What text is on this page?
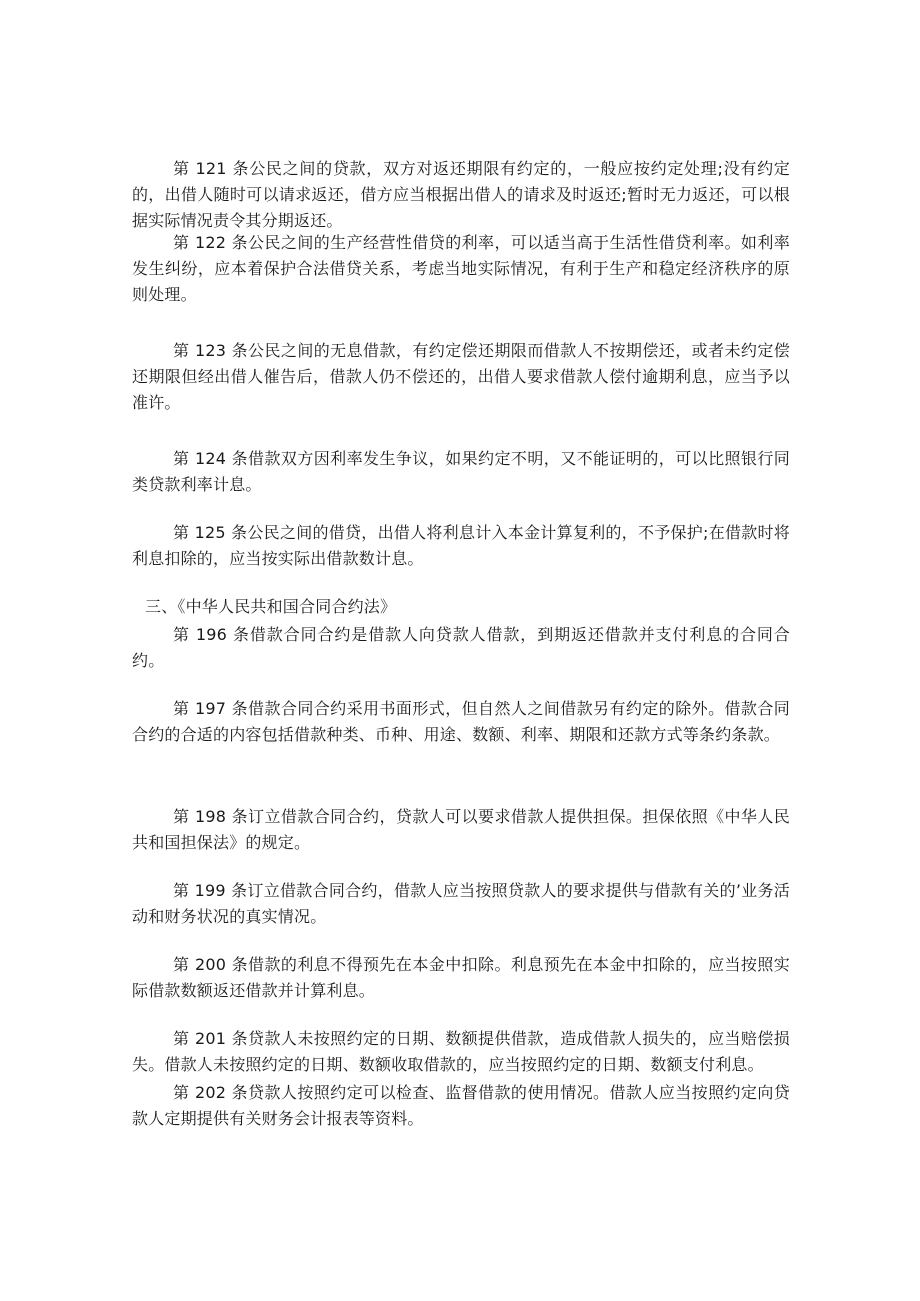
第 121 条公民之间的贷款，双方对返还期限有约定的，一般应按约定处理;没有约定的，出借人随时可以请求返还，借方应当根据出借人的请求及时返还;暂时无力返还，可以根据实际情况责令其分期返还。

第 122 条公民之间的生产经营性借贷的利率，可以适当高于生活性借贷利率。如利率发生纠纷，应本着保护合法借贷关系，考虑当地实际情况，有利于生产和稳定经济秩序的原则处理。

第 123 条公民之间的无息借款，有约定偿还期限而借款人不按期偿还，或者未约定偿还期限但经出借人催告后，借款人仍不偿还的，出借人要求借款人偿付逾期利息，应当予以准许。

第 124 条借款双方因利率发生争议，如果约定不明，又不能证明的，可以比照银行同类贷款利率计息。

第 125 条公民之间的借贷，出借人将利息计入本金计算复利的，不予保护;在借款时将利息扣除的，应当按实际出借款数计息。

三、《中华人民共和国合同合约法》

第 196 条借款合同合约是借款人向贷款人借款，到期返还借款并支付利息的合同合约。

第 197 条借款合同合约采用书面形式，但自然人之间借款另有约定的除外。借款合同合约的合适的内容包括借款种类、币种、用途、数额、利率、期限和还款方式等条约条款。

第 198 条订立借款合同合约，贷款人可以要求借款人提供担保。担保依照《中华人民共和国担保法》的规定。

第 199 条订立借款合同合约，借款人应当按照贷款人的要求提供与借款有关的’业务活动和财务状况的真实情况。

第 200 条借款的利息不得预先在本金中扣除。利息预先在本金中扣除的，应当按照实际借款数额返还借款并计算利息。

第 201 条贷款人未按照约定的日期、数额提供借款，造成借款人损失的，应当赔偿损失。借款人未按照约定的日期、数额收取借款的，应当按照约定的日期、数额支付利息。

第 202 条贷款人按照约定可以检查、监督借款的使用情况。借款人应当按照约定向贷款人定期提供有关财务会计报表等资料。
